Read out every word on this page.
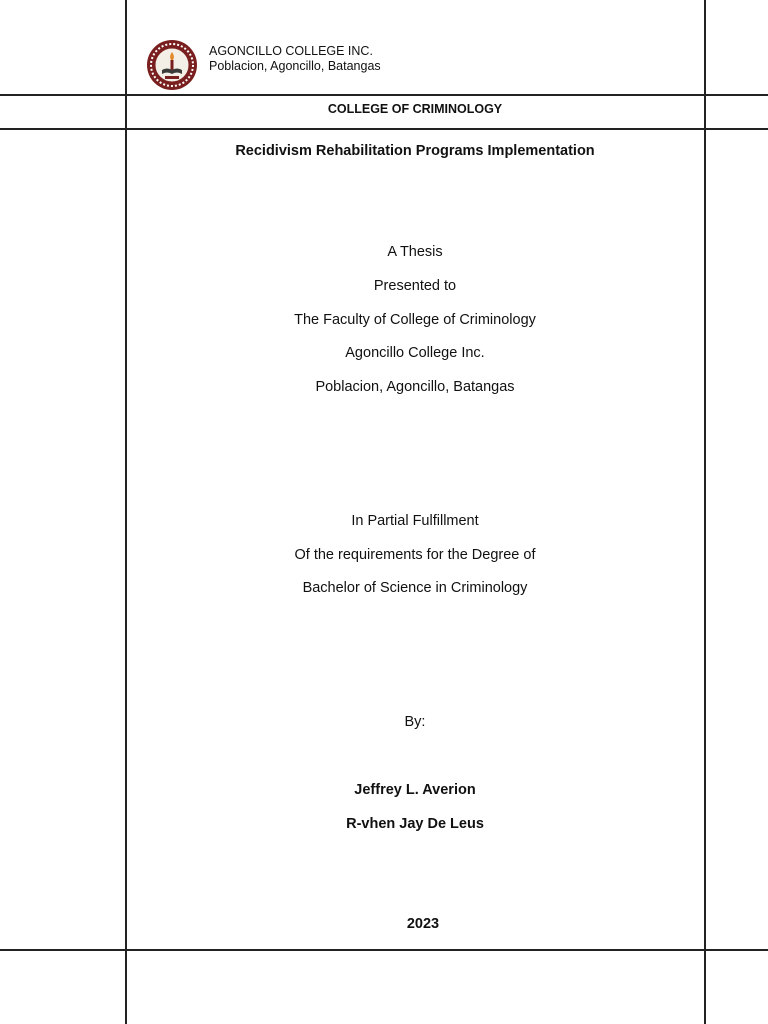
AGONCILLO COLLEGE INC.
Poblacion, Agoncillo, Batangas
COLLEGE OF CRIMINOLOGY
Recidivism Rehabilitation Programs Implementation
A Thesis
Presented to
The Faculty of College of Criminology
Agoncillo College Inc.
Poblacion, Agoncillo, Batangas
In Partial Fulfillment
Of the requirements for the Degree of
Bachelor of Science in Criminology
By:
Jeffrey L. Averion
R-vhen Jay De Leus
2023
